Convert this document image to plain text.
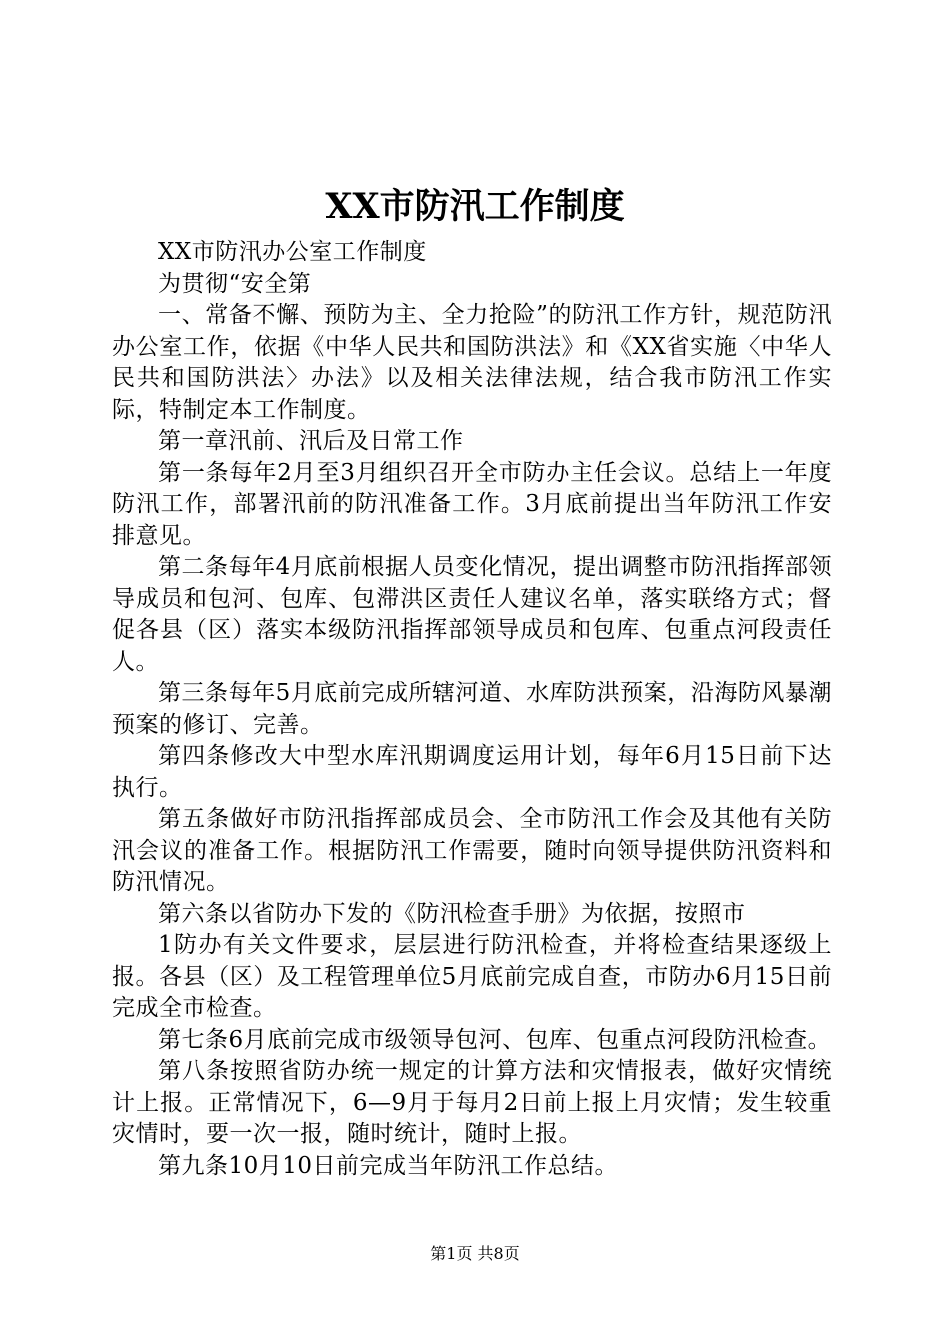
XX市防汛工作制度

XX市防汛办公室工作制度

为贯彻“安全第

一、常备不懈、预防为主、全力抢险”的防汛工作方针，规范防汛办公室工作，依据《中华人民共和国防洪法》和《XX省实施〈中华人民共和国防洪法〉办法》以及相关法律法规，结合我市防汛工作实际，特制定本工作制度。

第一章汛前、汛后及日常工作

第一条每年2月至3月组织召开全市防办主任会议。总结上一年度防汛工作，部署汛前的防汛准备工作。3月底前提出当年防汛工作安排意见。

第二条每年4月底前根据人员变化情况，提出调整市防汛指挥部领导成员和包河、包库、包滞洪区责任人建议名单，落实联络方式；督促各县（区）落实本级防汛指挥部领导成员和包库、包重点河段责任人。

第三条每年5月底前完成所辖河道、水库防洪预案，沿海防风暴潮预案的修订、完善。

第四条修改大中型水库汛期调度运用计划，每年6月15日前下达执行。

第五条做好市防汛指挥部成员会、全市防汛工作会及其他有关防汛会议的准备工作。根据防汛工作需要，随时向领导提供防汛资料和防汛情况。

第六条以省防办下发的《防汛检查手册》为依据，按照市

1防办有关文件要求，层层进行防汛检查，并将检查结果逐级上报。各县（区）及工程管理单位5月底前完成自查，市防办6月15日前完成全市检查。

第七条6月底前完成市级领导包河、包库、包重点河段防汛检查。

第八条按照省防办统一规定的计算方法和灾情报表，做好灾情统计上报。正常情况下，6—9月于每月2日前上报上月灾情；发生较重灾情时，要一次一报，随时统计，随时上报。

第九条10月10日前完成当年防汛工作总结。

第1页 共8页
